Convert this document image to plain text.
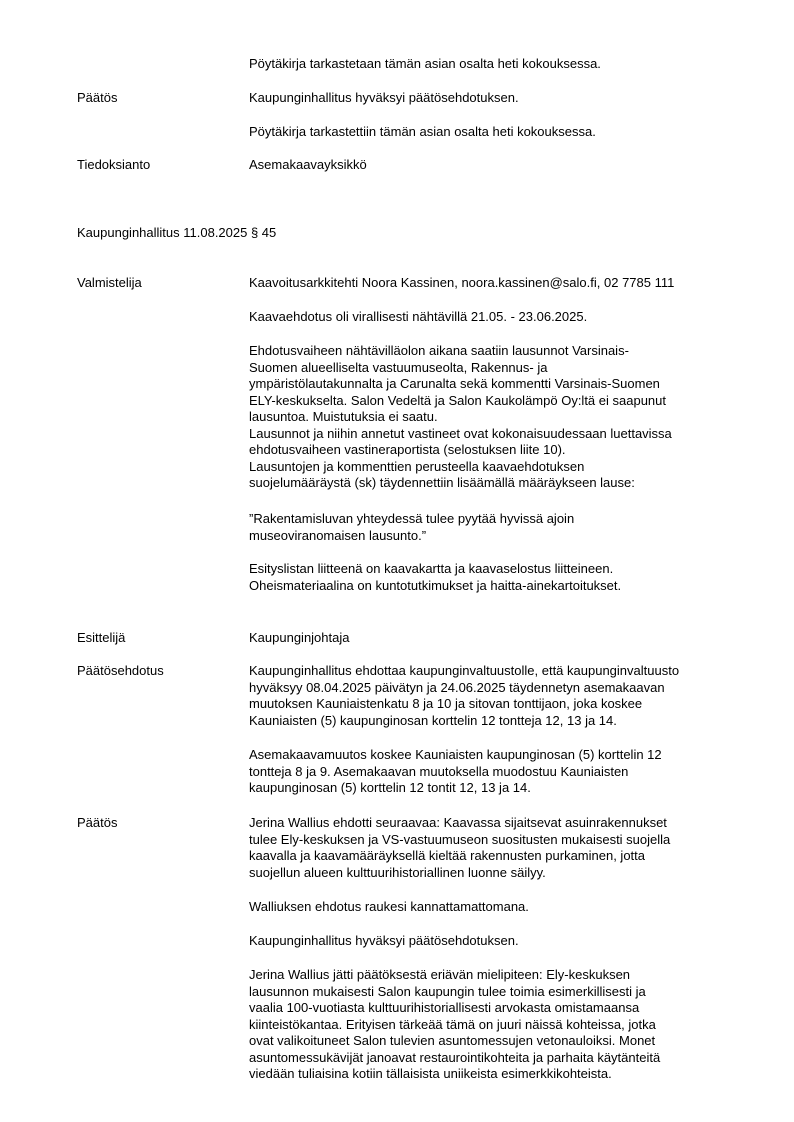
Pöytäkirja tarkastetaan tämän asian osalta heti kokouksessa.

Päätös	Kaupunginhallitus hyväksyi päätösehdotuksen.

Pöytäkirja tarkastettiin tämän asian osalta heti kokouksessa.

Tiedoksianto	Asemakaavayksikkö

Kaupunginhallitus 11.08.2025 § 45

Valmistelija	Kaavoitusarkkitehti Noora Kassinen, noora.kassinen@salo.fi, 02 7785 111

Kaavaehdotus oli virallisesti nähtävillä 21.05. - 23.06.2025.

Ehdotusvaiheen nähtävilläolon aikana saatiin lausunnot Varsinais-

Suomen alueelliselta vastuumuseolta, Rakennus- ja

ympäristölautakunnalta ja Carunalta sekä kommentti Varsinais-Suomen

ELY-keskukselta. Salon Vedeltä ja Salon Kaukolämpö Oy:ltä ei saapunut

lausuntoa. Muistutuksia ei saatu.

Lausunnot ja niihin annetut vastineet ovat kokonaisuudessaan luettavissa

ehdotusvaiheen vastineraportista (selostuksen liite 10).

Lausuntojen ja kommenttien perusteella kaavaehdotuksen

suojelumääräystä (sk) täydennettiin lisäämällä määräykseen lause:

”Rakentamisluvan yhteydessä tulee pyytää hyvissä ajoin

museoviranomaisen lausunto.”

Esityslistan liitteenä on kaavakartta ja kaavaselostus liitteineen.

Oheismateriaalina on kuntotutkimukset ja haitta-ainekartoitukset.

Esittelijä	Kaupunginjohtaja

Päätösehdotus	Kaupunginhallitus ehdottaa kaupunginvaltuustolle, että kaupunginvaltuusto

hyväksyy 08.04.2025 päivätyn ja 24.06.2025 täydennetyn asemakaavan

muutoksen Kauniaistenkatu 8 ja 10 ja sitovan tonttijaon, joka koskee

Kauniaisten (5) kaupunginosan korttelin 12 tontteja 12, 13 ja 14.

Asemakaavamuutos koskee Kauniaisten kaupunginosan (5) korttelin 12

tontteja 8 ja 9. Asemakaavan muutoksella muodostuu Kauniaisten

kaupunginosan (5) korttelin 12 tontit 12, 13 ja 14.

Päätös	Jerina Wallius ehdotti seuraavaa: Kaavassa sijaitsevat asuinrakennukset

tulee Ely-keskuksen ja VS-vastuumuseon suositusten mukaisesti suojella

kaavalla ja kaavamääräyksellä kieltää rakennusten purkaminen, jotta

suojellun alueen kulttuurihistoriallinen luonne säilyy.

Walliuksen ehdotus raukesi kannattamattomana.

Kaupunginhallitus hyväksyi päätösehdotuksen.

Jerina Wallius jätti päätöksestä eriävän mielipiteen: Ely-keskuksen

lausunnon mukaisesti Salon kaupungin tulee toimia esimerkillisesti ja

vaalia 100-vuotiasta kulttuurihistoriallisesti arvokasta omistamaansa

kiinteistökantaa. Erityisen tärkeää tämä on juuri näissä kohteissa, jotka

ovat valikoituneet Salon tulevien asuntomessujen vetonauloiksi. Monet

asuntomessukävijät janoavat restaurointikohteita ja parhaita käytänteitä

viedään tuliaisina kotiin tällaisista uniikeista esimerkkikohteista.
